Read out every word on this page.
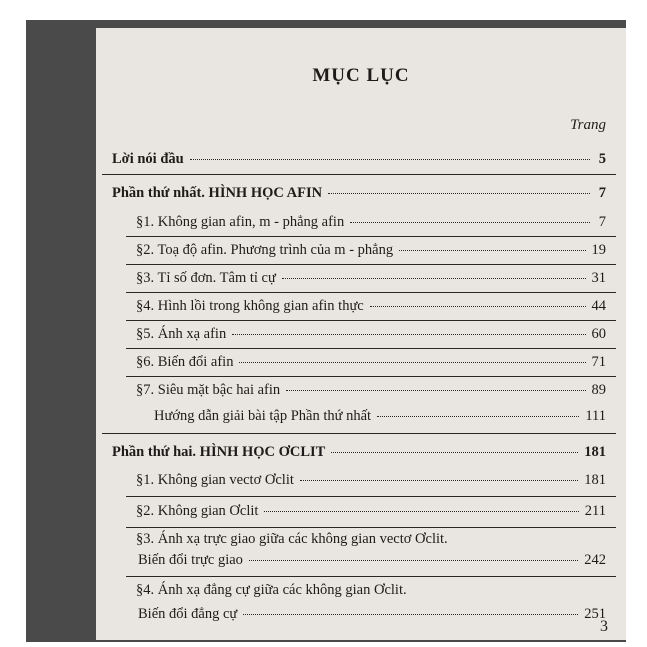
MỤC LỤC
Trang
Lời nói đầu	5
Phần thứ nhất. HÌNH HỌC AFIN	7
§1. Không gian afin, m - phẳng afin	7
§2. Toạ độ afin. Phương trình của m - phẳng	19
§3. Tỉ số đơn. Tâm tỉ cự	31
§4. Hình lồi trong không gian afin thực	44
§5. Ánh xạ afin	60
§6. Biến đổi afin	71
§7. Siêu mặt bậc hai afin	89
Hướng dẫn giải bài tập Phần thứ nhất	111
Phần thứ hai. HÌNH HỌC ƠCLIT	181
§1. Không gian vectơ Ơclit	181
§2. Không gian Ơclit	211
§3. Ánh xạ trực giao giữa các không gian vectơ Ơclit.
Biến đổi trực giao	242
§4. Ánh xạ đẳng cự giữa các không gian Ơclit.
Biến đổi đẳng cự	251
3
